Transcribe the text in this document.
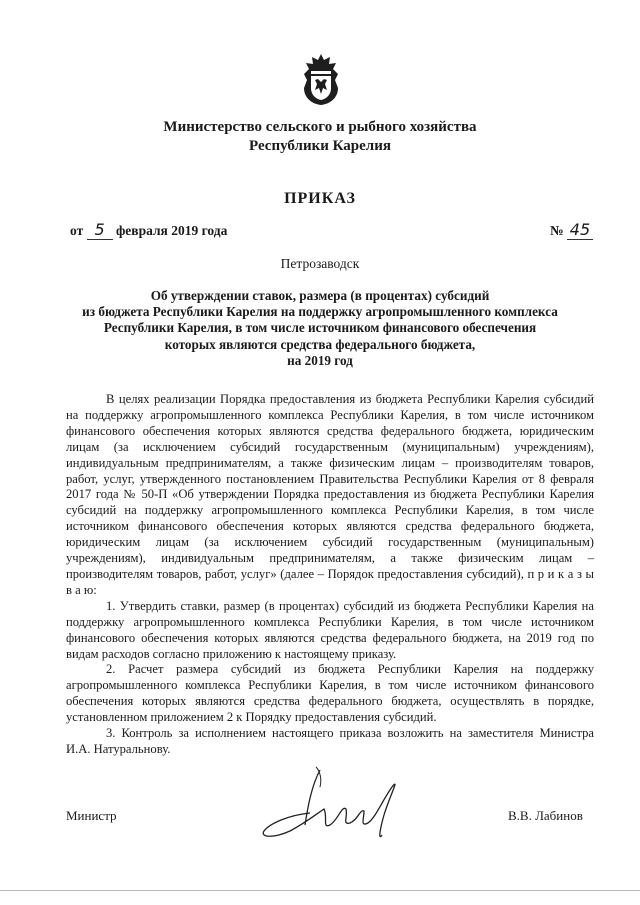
Министерство сельского и рыбного хозяйства
Республики Карелия
ПРИКАЗ
от 5 февраля 2019 года	№ 45
Петрозаводск
Об утверждении ставок, размера (в процентах) субсидий
из бюджета Республики Карелия на поддержку агропромышленного комплекса
Республики Карелия, в том числе источником финансового обеспечения
которых являются средства федерального бюджета,
на 2019 год

В целях реализации Порядка предоставления из бюджета Республики Карелия субсидий на поддержку агропромышленного комплекса Республики Карелия, в том числе источником финансового обеспечения которых являются средства федерального бюджета, юридическим лицам (за исключением субсидий государственным (муниципальным) учреждениям), индивидуальным предпринимателям, а также физическим лицам – производителям товаров, работ, услуг, утвержденного постановлением Правительства Республики Карелия от 8 февраля 2017 года № 50-П «Об утверждении Порядка предоставления из бюджета Республики Карелия субсидий на поддержку агропромышленного комплекса Республики Карелия, в том числе источником финансового обеспечения которых являются средства федерального бюджета, юридическим лицам (за исключением субсидий государственным (муниципальным) учреждениям), индивидуальным предпринимателям, а также физическим лицам – производителям товаров, работ, услуг» (далее – Порядок предоставления субсидий), п р и к а з ы в а ю:

1. Утвердить ставки, размер (в процентах) субсидий из бюджета Республики Карелия на поддержку агропромышленного комплекса Республики Карелия, в том числе источником финансового обеспечения которых являются средства федерального бюджета, на 2019 год по видам расходов согласно приложению к настоящему приказу.

2. Расчет размера субсидий из бюджета Республики Карелия на поддержку агропромышленного комплекса Республики Карелия, в том числе источником финансового обеспечения которых являются средства федерального бюджета, осуществлять в порядке, установленном приложением 2 к Порядку предоставления субсидий.

3. Контроль за исполнением настоящего приказа возложить на заместителя Министра И.А. Натуральнову.

Министр	В.В. Лабинов
